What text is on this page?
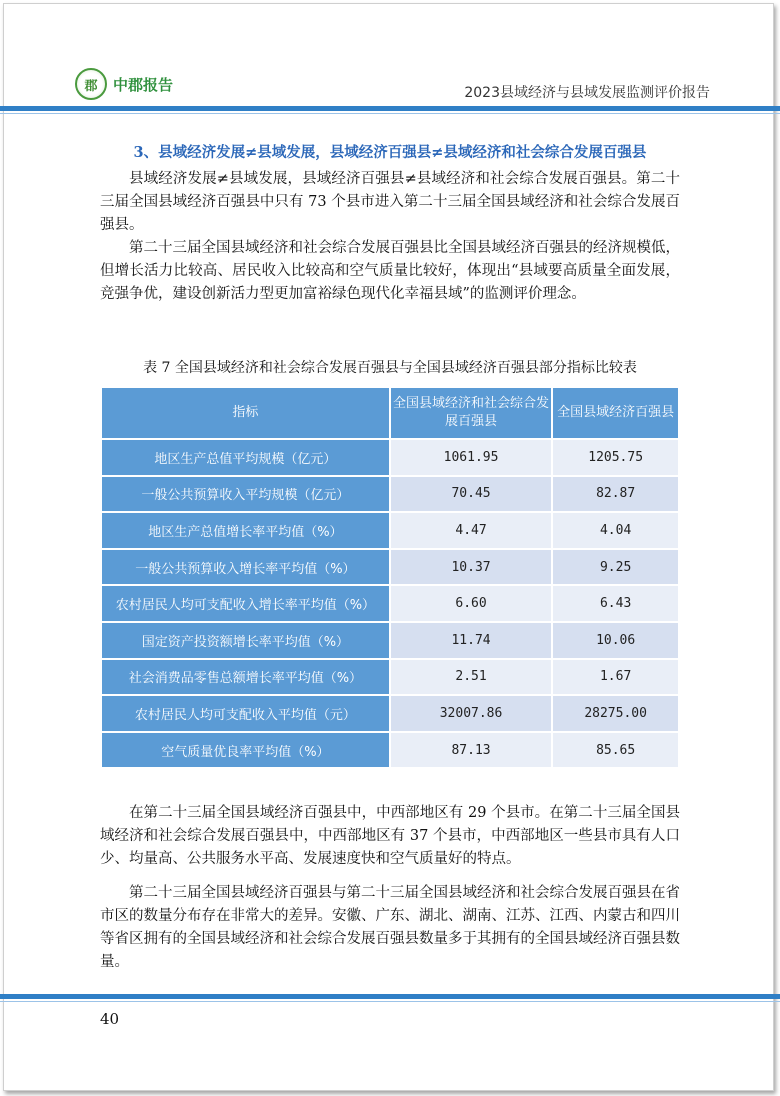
郡 中郡报告	2023县域经济与县域发展监测评价报告
3、县域经济发展≠县域发展，县域经济百强县≠县域经济和社会综合发展百强县
县域经济发展≠县域发展，县域经济百强县≠县域经济和社会综合发展百强县。第二十三届全国县域经济百强县中只有 73 个县市进入第二十三届全国县域经济和社会综合发展百强县。
第二十三届全国县域经济和社会综合发展百强县比全国县域经济百强县的经济规模低，但增长活力比较高、居民收入比较高和空气质量比较好，体现出“县域要高质量全面发展，竞强争优，建设创新活力型更加富裕绿色现代化幸福县域”的监测评价理念。
表 7 全国县域经济和社会综合发展百强县与全国县域经济百强县部分指标比较表
指标	全国县域经济和社会综合发展百强县	全国县域经济百强县
地区生产总值平均规模（亿元）	1061.95	1205.75
一般公共预算收入平均规模（亿元）	70.45	82.87
地区生产总值增长率平均值（%）	4.47	4.04
一般公共预算收入增长率平均值（%）	10.37	9.25
农村居民人均可支配收入增长率平均值（%）	6.60	6.43
国定资产投资额增长率平均值（%）	11.74	10.06
社会消费品零售总额增长率平均值（%）	2.51	1.67
农村居民人均可支配收入平均值（元）	32007.86	28275.00
空气质量优良率平均值（%）	87.13	85.65
在第二十三届全国县域经济百强县中，中西部地区有 29 个县市。在第二十三届全国县域经济和社会综合发展百强县中，中西部地区有 37 个县市，中西部地区一些县市具有人口少、均量高、公共服务水平高、发展速度快和空气质量好的特点。
第二十三届全国县域经济百强县与第二十三届全国县域经济和社会综合发展百强县在省市区的数量分布存在非常大的差异。安徽、广东、湖北、湖南、江苏、江西、内蒙古和四川等省区拥有的全国县域经济和社会综合发展百强县数量多于其拥有的全国县域经济百强县数量。
40
